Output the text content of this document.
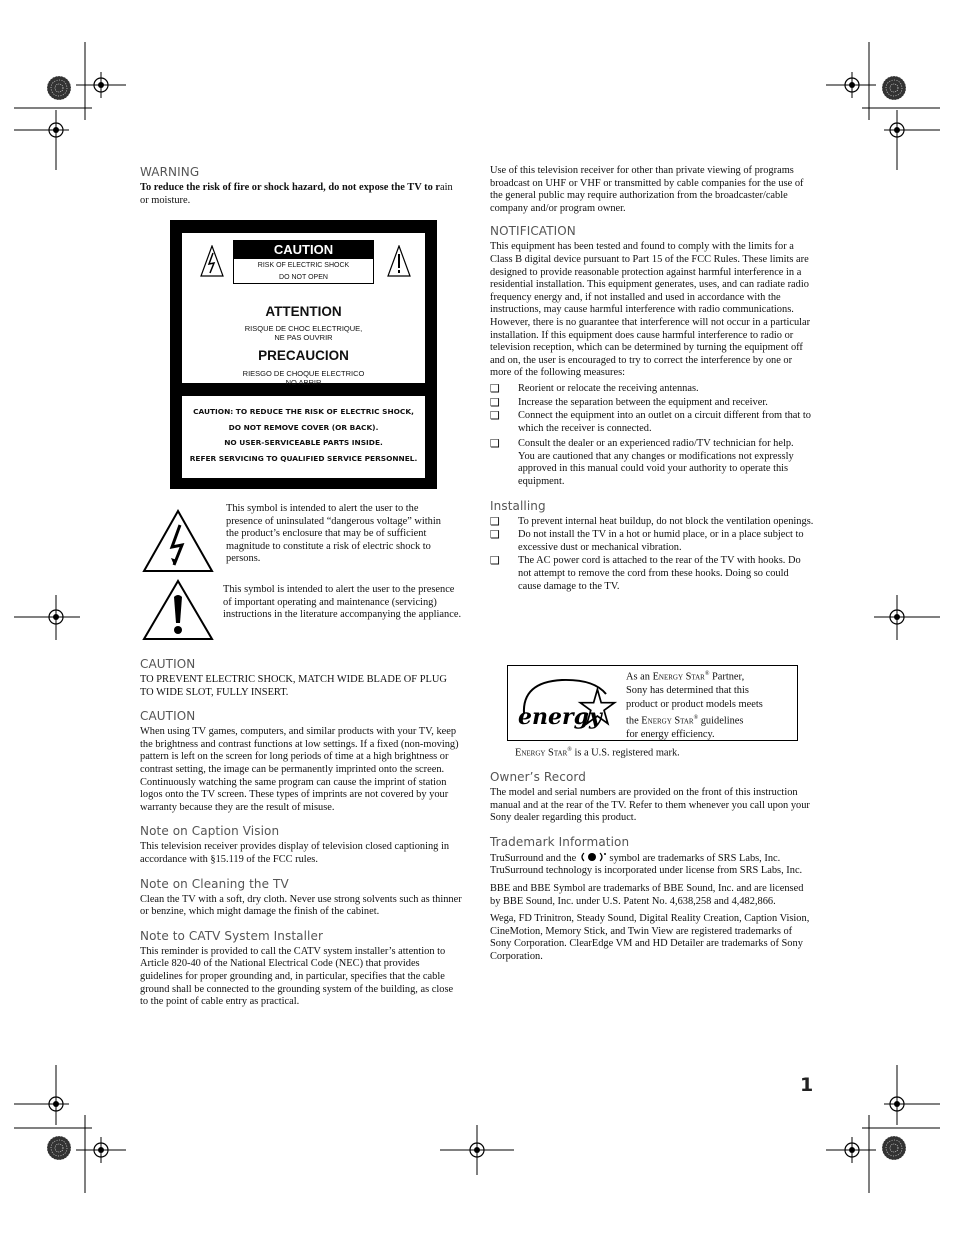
WARNING

To reduce the risk of fire or shock hazard, do not expose the TV to rain or moisture.

CAUTION
RISK OF ELECTRIC SHOCK
DO NOT OPEN
ATTENTION
RISQUE DE CHOC ELECTRIQUE,
NE PAS OUVRIR
PRECAUCION
RIESGO DE CHOQUE ELECTRICO
NO ABRIR
CAUTION: TO REDUCE THE RISK OF ELECTRIC SHOCK,
DO NOT REMOVE COVER (OR BACK).
NO USER-SERVICEABLE PARTS INSIDE.
REFER SERVICING TO QUALIFIED SERVICE PERSONNEL.

This symbol is intended to alert the user to the presence of uninsulated “dangerous voltage” within the product’s enclosure that may be of sufficient magnitude to constitute a risk of electric shock to persons.

This symbol is intended to alert the user to the presence of important operating and maintenance (servicing) instructions in the literature accompanying the appliance.

CAUTION

TO PREVENT ELECTRIC SHOCK, MATCH WIDE BLADE OF PLUG TO WIDE SLOT, FULLY INSERT.

CAUTION

When using TV games, computers, and similar products with your TV, keep the brightness and contrast functions at low settings. If a fixed (non-moving) pattern is left on the screen for long periods of time at a high brightness or contrast setting, the image can be permanently imprinted onto the screen. Continuously watching the same program can cause the imprint of station logos onto the TV screen. These types of imprints are not covered by your warranty because they are the result of misuse.

Note on Caption Vision

This television receiver provides display of television closed captioning in accordance with §15.119 of the FCC rules.

Note on Cleaning the TV

Clean the TV with a soft, dry cloth. Never use strong solvents such as thinner or benzine, which might damage the finish of the cabinet.

Note to CATV System Installer

This reminder is provided to call the CATV system installer’s attention to Article 820-40 of the National Electrical Code (NEC) that provides guidelines for proper grounding and, in particular, specifies that the cable ground shall be connected to the grounding system of the building, as close to the point of cable entry as practical.

Use of this television receiver for other than private viewing of programs broadcast on UHF or VHF or transmitted by cable companies for the use of the general public may require authorization from the broadcaster/cable company and/or program owner.

NOTIFICATION

This equipment has been tested and found to comply with the limits for a Class B digital device pursuant to Part 15 of the FCC Rules. These limits are designed to provide reasonable protection against harmful interference in a residential installation. This equipment generates, uses, and can radiate radio frequency energy and, if not installed and used in accordance with the instructions, may cause harmful interference with radio communications. However, there is no guarantee that interference will not occur in a particular installation. If this equipment does cause harmful interference to radio or television reception, which can be determined by turning the equipment off and on, the user is encouraged to try to correct the interference by one or more of the following measures:

❑ Reorient or relocate the receiving antennas.
❑ Increase the separation between the equipment and receiver.
❑ Connect the equipment into an outlet on a circuit different from that to which the receiver is connected.
❑ Consult the dealer or an experienced radio/TV technician for help.
You are cautioned that any changes or modifications not expressly approved in this manual could void your authority to operate this equipment.
Installing
❑ To prevent internal heat buildup, do not block the ventilation openings.
❑ Do not install the TV in a hot or humid place, or in a place subject to excessive dust or mechanical vibration.
❑ The AC power cord is attached to the rear of the TV with hooks. Do not attempt to remove the cord from these hooks. Doing so could cause damage to the TV.
energy
As an Energy Star® Partner,
Sony has determined that this
product or product models meets
the Energy Star® guidelines
for energy efficiency.

Energy Star® is a U.S. registered mark.

Owner’s Record

The model and serial numbers are provided on the front of this instruction manual and at the rear of the TV. Refer to them whenever you call upon your Sony dealer regarding this product.

Trademark Information

TruSurround and the	symbol are trademarks of SRS Labs, Inc. TruSurround technology is incorporated under license from SRS Labs, Inc.

BBE and BBE Symbol are trademarks of BBE Sound, Inc. and are licensed by BBE Sound, Inc. under U.S. Patent No. 4,638,258 and 4,482,866.

Wega, FD Trinitron, Steady Sound, Digital Reality Creation, Caption Vision, CineMotion, Memory Stick, and Twin View are registered trademarks of Sony Corporation. ClearEdge VM and HD Detailer are trademarks of Sony Corporation.

1
